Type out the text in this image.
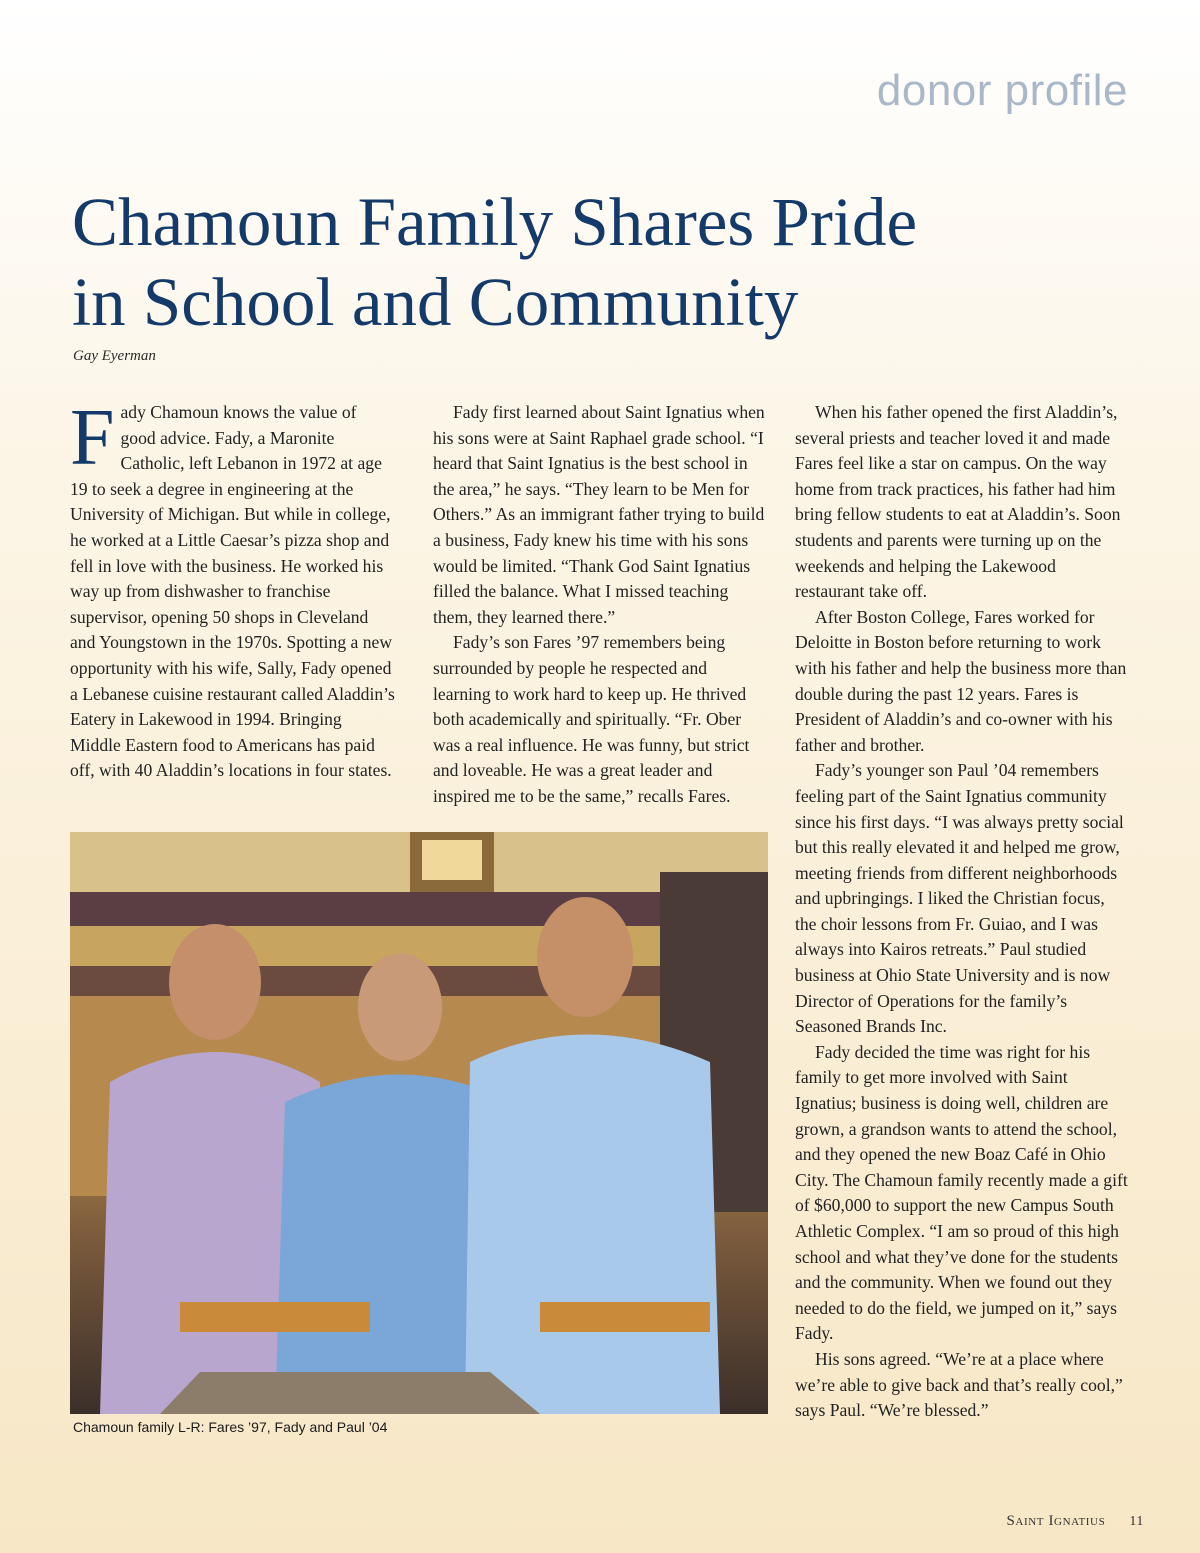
donor profile
Chamoun Family Shares Pride
in School and Community
Gay Eyerman

Fady Chamoun knows the value of good advice. Fady, a Maronite Catholic, left Lebanon in 1972 at age 19 to seek a degree in engineering at the University of Michigan. But while in college, he worked at a Little Caesar’s pizza shop and fell in love with the business. He worked his way up from dishwasher to franchise supervisor, opening 50 shops in Cleveland and Youngstown in the 1970s. Spotting a new opportunity with his wife, Sally, Fady opened a Lebanese cuisine restaurant called Aladdin’s Eatery in Lakewood in 1994. Bringing Middle Eastern food to Americans has paid off, with 40 Aladdin’s locations in four states.

Fady first learned about Saint Ignatius when his sons were at Saint Raphael grade school. “I heard that Saint Ignatius is the best school in the area,” he says. “They learn to be Men for Others.” As an immigrant father trying to build a business, Fady knew his time with his sons would be limited. “Thank God Saint Ignatius filled the balance. What I missed teaching them, they learned there.”

Fady’s son Fares ’97 remembers being surrounded by people he respected and learning to work hard to keep up. He thrived both academically and spiritually. “Fr. Ober was a real influence. He was funny, but strict and loveable. He was a great leader and inspired me to be the same,” recalls Fares.

When his father opened the first Aladdin’s, several priests and teacher loved it and made Fares feel like a star on campus. On the way home from track practices, his father had him bring fellow students to eat at Aladdin’s. Soon students and parents were turning up on the weekends and helping the Lakewood restaurant take off.

After Boston College, Fares worked for Deloitte in Boston before returning to work with his father and help the business more than double during the past 12 years. Fares is President of Aladdin’s and co-owner with his father and brother.

Fady’s younger son Paul ’04 remembers feeling part of the Saint Ignatius community since his first days. “I was always pretty social but this really elevated it and helped me grow, meeting friends from different neighborhoods and upbringings. I liked the Christian focus, the choir lessons from Fr. Guiao, and I was always into Kairos retreats.” Paul studied business at Ohio State University and is now Director of Operations for the family’s Seasoned Brands Inc.

Fady decided the time was right for his family to get more involved with Saint Ignatius; business is doing well, children are grown, a grandson wants to attend the school, and they opened the new Boaz Café in Ohio City. The Chamoun family recently made a gift of $60,000 to support the new Campus South Athletic Complex. “I am so proud of this high school and what they’ve done for the students and the community. When we found out they needed to do the field, we jumped on it,” says Fady.

His sons agreed. “We’re at a place where we’re able to give back and that’s really cool,” says Paul. “We’re blessed.”

Chamoun family L-R: Fares ’97, Fady and Paul ’04
Saint Ignatius 11
